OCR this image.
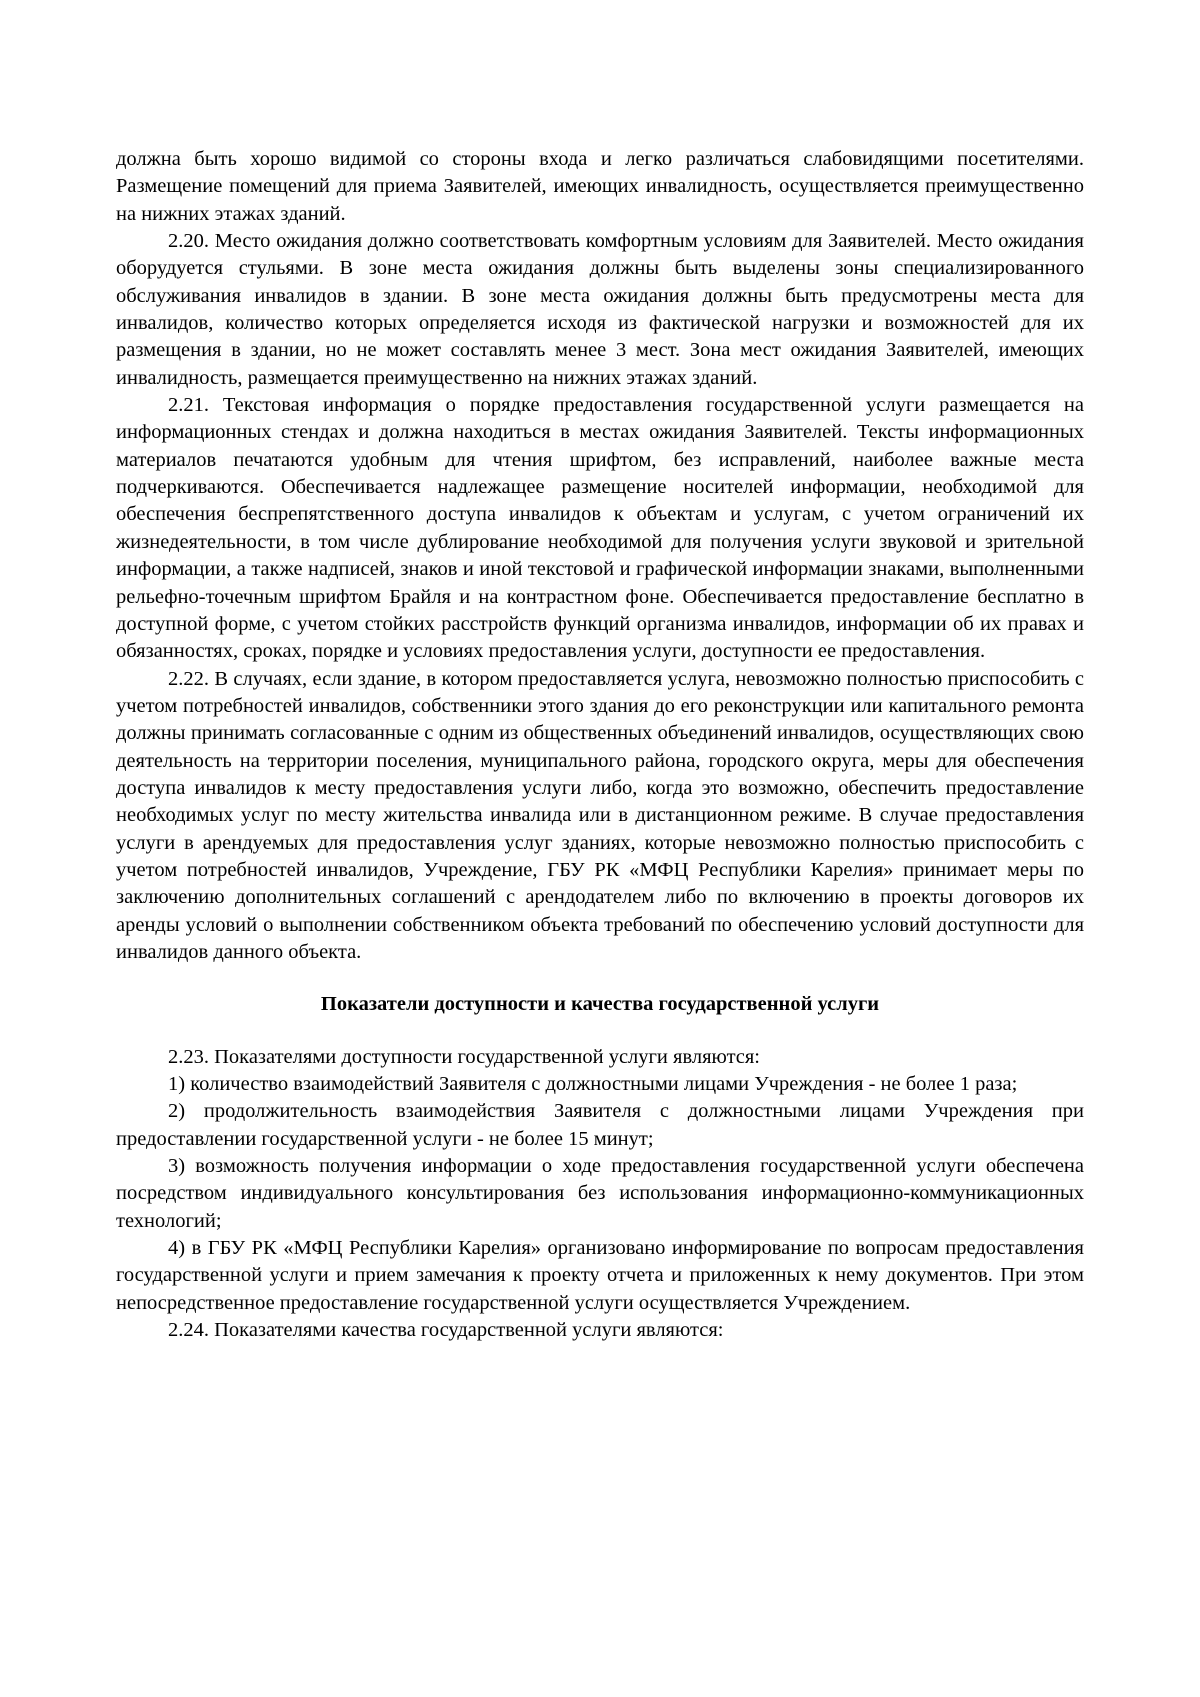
должна быть хорошо видимой со стороны входа и легко различаться слабовидящими посетителями. Размещение помещений для приема Заявителей, имеющих инвалидность, осуществляется преимущественно на нижних этажах зданий.

2.20. Место ожидания должно соответствовать комфортным условиям для Заявителей. Место ожидания оборудуется стульями. В зоне места ожидания должны быть выделены зоны специализированного обслуживания инвалидов в здании. В зоне места ожидания должны быть предусмотрены места для инвалидов, количество которых определяется исходя из фактической нагрузки и возможностей для их размещения в здании, но не может составлять менее 3 мест. Зона мест ожидания Заявителей, имеющих инвалидность, размещается преимущественно на нижних этажах зданий.

2.21. Текстовая информация о порядке предоставления государственной услуги размещается на информационных стендах и должна находиться в местах ожидания Заявителей. Тексты информационных материалов печатаются удобным для чтения шрифтом, без исправлений, наиболее важные места подчеркиваются. Обеспечивается надлежащее размещение носителей информации, необходимой для обеспечения беспрепятственного доступа инвалидов к объектам и услугам, с учетом ограничений их жизнедеятельности, в том числе дублирование необходимой для получения услуги звуковой и зрительной информации, а также надписей, знаков и иной текстовой и графической информации знаками, выполненными рельефно-точечным шрифтом Брайля и на контрастном фоне. Обеспечивается предоставление бесплатно в доступной форме, с учетом стойких расстройств функций организма инвалидов, информации об их правах и обязанностях, сроках, порядке и условиях предоставления услуги, доступности ее предоставления.

2.22. В случаях, если здание, в котором предоставляется услуга, невозможно полностью приспособить с учетом потребностей инвалидов, собственники этого здания до его реконструкции или капитального ремонта должны принимать согласованные с одним из общественных объединений инвалидов, осуществляющих свою деятельность на территории поселения, муниципального района, городского округа, меры для обеспечения доступа инвалидов к месту предоставления услуги либо, когда это возможно, обеспечить предоставление необходимых услуг по месту жительства инвалида или в дистанционном режиме. В случае предоставления услуги в арендуемых для предоставления услуг зданиях, которые невозможно полностью приспособить с учетом потребностей инвалидов, Учреждение, ГБУ РК «МФЦ Республики Карелия» принимает меры по заключению дополнительных соглашений с арендодателем либо по включению в проекты договоров их аренды условий о выполнении собственником объекта требований по обеспечению условий доступности для инвалидов данного объекта.

Показатели доступности и качества государственной услуги

2.23. Показателями доступности государственной услуги являются:

1) количество взаимодействий Заявителя с должностными лицами Учреждения - не более 1 раза;

2) продолжительность взаимодействия Заявителя с должностными лицами Учреждения при предоставлении государственной услуги - не более 15 минут;

3) возможность получения информации о ходе предоставления государственной услуги обеспечена посредством индивидуального консультирования без использования информационно-коммуникационных технологий;

4) в ГБУ РК «МФЦ Республики Карелия» организовано информирование по вопросам предоставления государственной услуги и прием замечания к проекту отчета и приложенных к нему документов. При этом непосредственное предоставление государственной услуги осуществляется Учреждением.

2.24. Показателями качества государственной услуги являются:
